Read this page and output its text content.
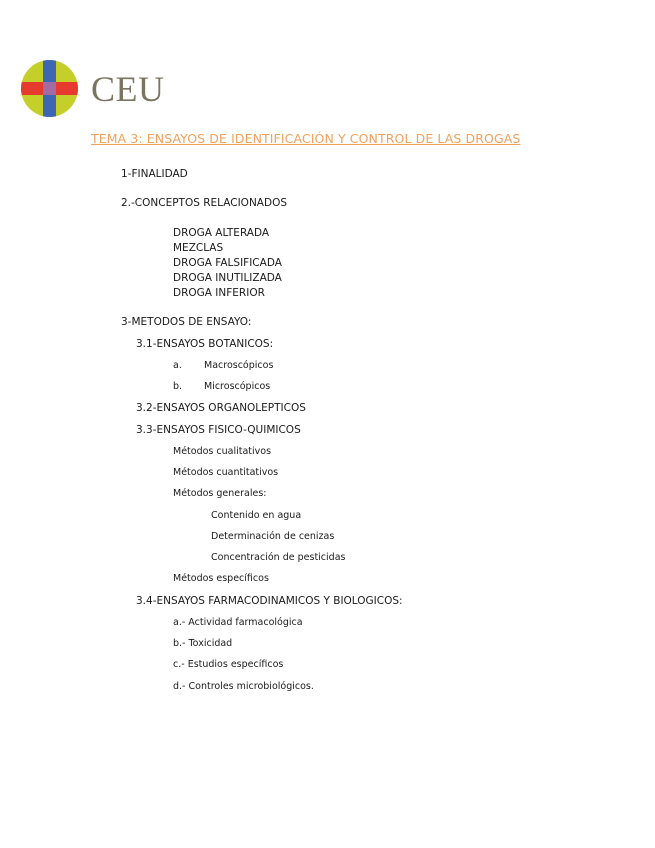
CEU
TEMA 3: ENSAYOS DE IDENTIFICACIÓN Y CONTROL DE LAS DROGAS
1-FINALIDAD
2.-CONCEPTOS RELACIONADOS
DROGA ALTERADA
MEZCLAS
DROGA FALSIFICADA
DROGA INUTILIZADA
DROGA INFERIOR
3-METODOS DE ENSAYO:
3.1-ENSAYOS BOTANICOS:
a. Macroscópicos
b. Microscópicos
3.2-ENSAYOS ORGANOLEPTICOS
3.3-ENSAYOS FISICO-QUIMICOS
Métodos cualitativos
Métodos cuantitativos
Métodos generales:
Contenido en agua
Determinación de cenizas
Concentración de pesticidas
Métodos específicos
3.4-ENSAYOS FARMACODINAMICOS Y BIOLOGICOS:
a.- Actividad farmacológica
b.- Toxicidad
c.- Estudios específicos
d.- Controles microbiológicos.
